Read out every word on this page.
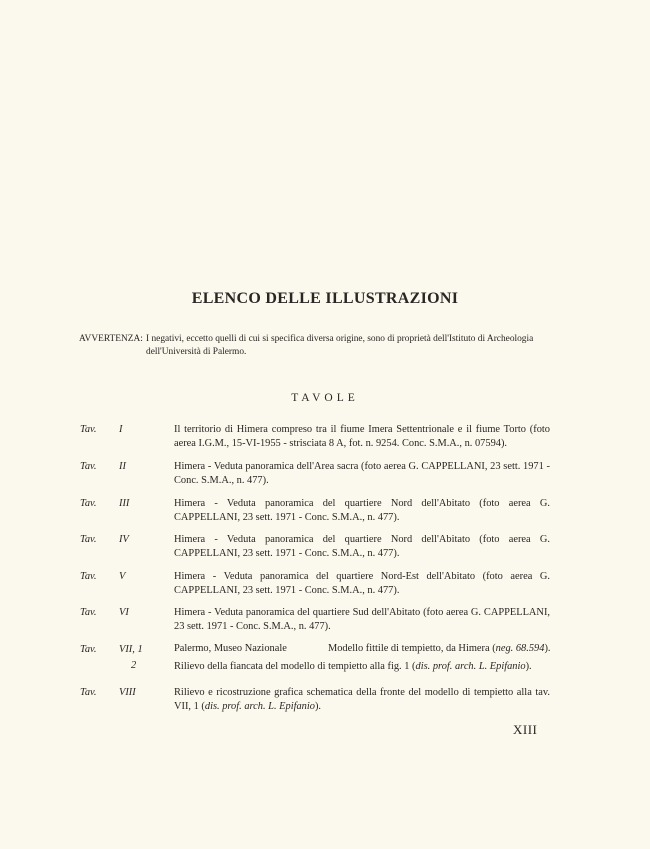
ELENCO DELLE ILLUSTRAZIONI
AVVERTENZA: I negativi, eccetto quelli di cui si specifica diversa origine, sono di proprietà dell'Istituto di Archeologia dell'Università di Palermo.
TAVOLE
Tav. I	Il territorio di Himera compreso tra il fiume Imera Settentrionale e il fiume Torto (foto aerea I.G.M., 15-VI-1955 - strisciata 8 A, fot. n. 9254. Conc. S.M.A., n. 07594).
Tav. II	Himera - Veduta panoramica dell'Area sacra (foto aerea G. CAPPELLANI, 23 sett. 1971 - Conc. S.M.A., n. 477).
Tav. III	Himera - Veduta panoramica del quartiere Nord dell'Abitato (foto aerea G. CAPPELLANI, 23 sett. 1971 - Conc. S.M.A., n. 477).
Tav. IV	Himera - Veduta panoramica del quartiere Nord dell'Abitato (foto aerea G. CAPPELLANI, 23 sett. 1971 - Conc. S.M.A., n. 477).
Tav. V	Himera - Veduta panoramica del quartiere Nord-Est dell'Abitato (foto aerea G. CAPPELLANI, 23 sett. 1971 - Conc. S.M.A., n. 477).
Tav. VI	Himera - Veduta panoramica del quartiere Sud dell'Abitato (foto aerea G. CAPPELLANI, 23 sett. 1971 - Conc. S.M.A., n. 477).
Tav. VII, 1	Palermo, Museo Nazionale	Modello fittile di tempietto, da Himera (neg. 68.594).
2	Rilievo della fiancata del modello di tempietto alla fig. 1 (dis. prof. arch. L. Epifanio).
Tav. VIII	Rilievo e ricostruzione grafica schematica della fronte del modello di tempietto alla tav. VII, 1 (dis. prof. arch. L. Epifanio).
XIII
